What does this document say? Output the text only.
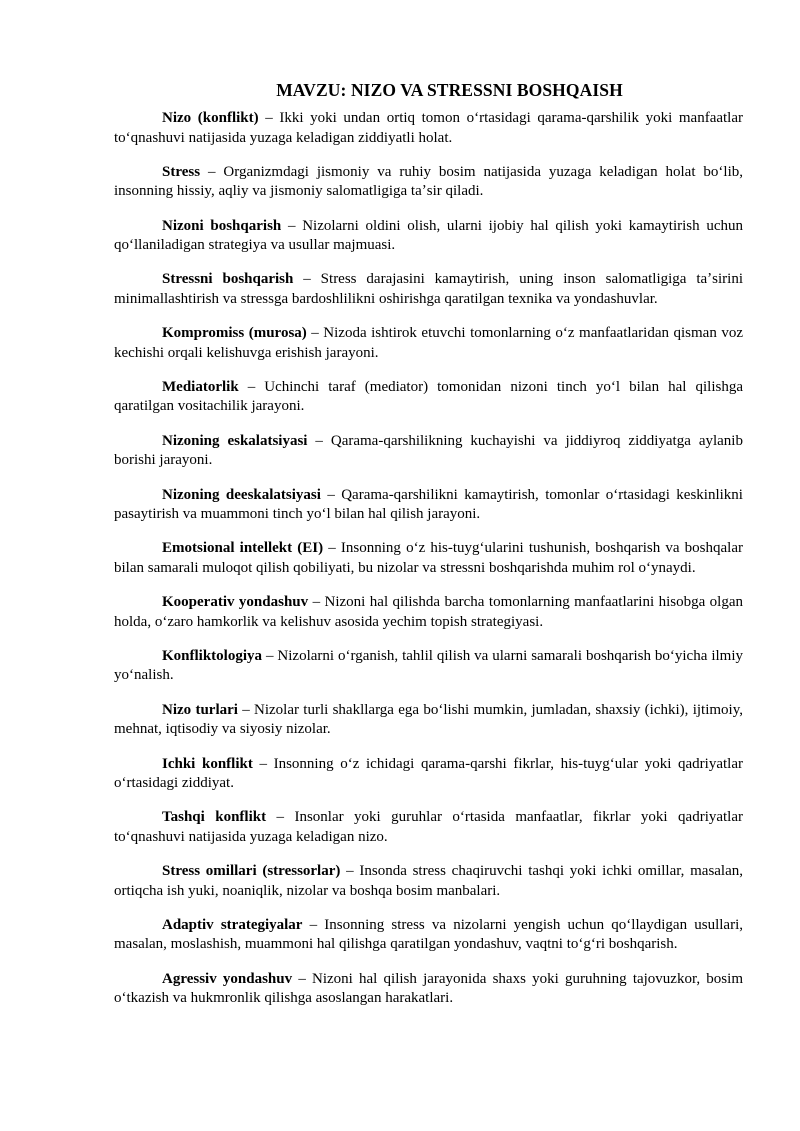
MAVZU: NIZO VA STRESSNI BOSHQAISH

Nizo (konflikt) – Ikki yoki undan ortiq tomon oʻrtasidagi qarama-qarshilik yoki manfaatlar toʻqnashuvi natijasida yuzaga keladigan ziddiyatli holat.

Stress – Organizmdagi jismoniy va ruhiy bosim natijasida yuzaga keladigan holat boʻlib, insonning hissiy, aqliy va jismoniy salomatligiga taʼsir qiladi.

Nizoni boshqarish – Nizolarni oldini olish, ularni ijobiy hal qilish yoki kamaytirish uchun qoʻllaniladigan strategiya va usullar majmuasi.

Stressni boshqarish – Stress darajasini kamaytirish, uning inson salomatligiga taʼsirini minimallashtirish va stressga bardoshlilikni oshirishga qaratilgan texnika va yondashuvlar.

Kompromiss (murosa) – Nizoda ishtirok etuvchi tomonlarning oʻz manfaatlaridan qisman voz kechishi orqali kelishuvga erishish jarayoni.

Mediatorlik – Uchinchi taraf (mediator) tomonidan nizoni tinch yoʻl bilan hal qilishga qaratilgan vositachilik jarayoni.

Nizoning eskalatsiyasi – Qarama-qarshilikning kuchayishi va jiddiyroq ziddiyatga aylanib borishi jarayoni.

Nizoning deeskalatsiyasi – Qarama-qarshilikni kamaytirish, tomonlar oʻrtasidagi keskinlikni pasaytirish va muammoni tinch yoʻl bilan hal qilish jarayoni.

Emotsional intellekt (EI) – Insonning oʻz his-tuygʻularini tushunish, boshqarish va boshqalar bilan samarali muloqot qilish qobiliyati, bu nizolar va stressni boshqarishda muhim rol oʻynaydi.

Kooperativ yondashuv – Nizoni hal qilishda barcha tomonlarning manfaatlarini hisobga olgan holda, oʻzaro hamkorlik va kelishuv asosida yechim topish strategiyasi.

Konfliktologiya – Nizolarni oʻrganish, tahlil qilish va ularni samarali boshqarish boʻyicha ilmiy yoʻnalish.

Nizo turlari – Nizolar turli shakllarga ega boʻlishi mumkin, jumladan, shaxsiy (ichki), ijtimoiy, mehnat, iqtisodiy va siyosiy nizolar.

Ichki konflikt – Insonning oʻz ichidagi qarama-qarshi fikrlar, his-tuygʻular yoki qadriyatlar oʻrtasidagi ziddiyat.

Tashqi konflikt – Insonlar yoki guruhlar oʻrtasida manfaatlar, fikrlar yoki qadriyatlar toʻqnashuvi natijasida yuzaga keladigan nizo.

Stress omillari (stressorlar) – Insonda stress chaqiruvchi tashqi yoki ichki omillar, masalan, ortiqcha ish yuki, noaniqlik, nizolar va boshqa bosim manbalari.

Adaptiv strategiyalar – Insonning stress va nizolarni yengish uchun qoʻllaydigan usullari, masalan, moslashish, muammoni hal qilishga qaratilgan yondashuv, vaqtni toʻgʻri boshqarish.

Agressiv yondashuv – Nizoni hal qilish jarayonida shaxs yoki guruhning tajovuzkor, bosim oʻtkazish va hukmronlik qilishga asoslangan harakatlari.
